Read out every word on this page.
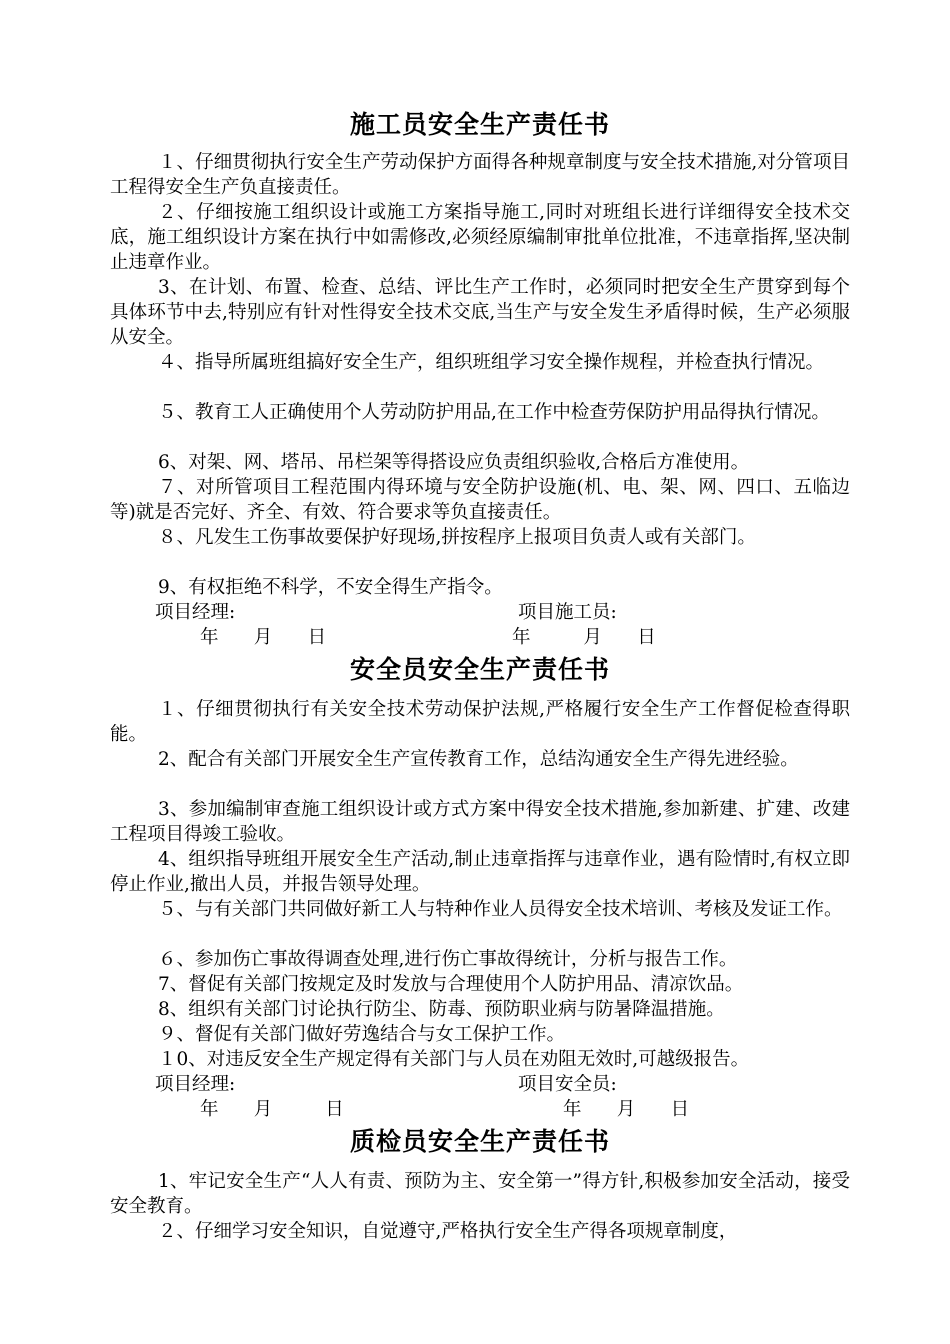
施工员安全生产责任书
１、仔细贯彻执行安全生产劳动保护方面得各种规章制度与安全技术措施,对分管项目工程得安全生产负直接责任。
２、仔细按施工组织设计或施工方案指导施工,同时对班组长进行详细得安全技术交底，施工组织设计方案在执行中如需修改,必须经原编制审批单位批准，不违章指挥,坚决制止违章作业。
3、在计划、布置、检查、总结、评比生产工作时，必须同时把安全生产贯穿到每个具体环节中去,特别应有针对性得安全技术交底,当生产与安全发生矛盾得时候，生产必须服从安全。
４、指导所属班组搞好安全生产，组织班组学习安全操作规程，并检查执行情况。
５、教育工人正确使用个人劳动防护用品,在工作中检查劳保防护用品得执行情况。
6、对架、网、塔吊、吊栏架等得搭设应负责组织验收,合格后方准使用。
７、对所管项目工程范围内得环境与安全防护设施(机、电、架、网、四口、五临边等)就是否完好、齐全、有效、符合要求等负直接责任。
８、凡发生工伤事故要保护好现场,拼按程序上报项目负责人或有关部门。
9、有权拒绝不科学，不安全得生产指令。
项目经理:	项目施工员:
年      月      日	年         月      日
安全员安全生产责任书
１、仔细贯彻执行有关安全技术劳动保护法规,严格履行安全生产工作督促检查得职能。
2、配合有关部门开展安全生产宣传教育工作，总结沟通安全生产得先进经验。
3、参加编制审查施工组织设计或方式方案中得安全技术措施,参加新建、扩建、改建工程项目得竣工验收。
4、组织指导班组开展安全生产活动,制止违章指挥与违章作业，遇有险情时,有权立即停止作业,撤出人员，并报告领导处理。
５、与有关部门共同做好新工人与特种作业人员得安全技术培训、考核及发证工作。
６、参加伤亡事故得调查处理,进行伤亡事故得统计，分析与报告工作。
7、督促有关部门按规定及时发放与合理使用个人防护用品、清凉饮品。
8、组织有关部门讨论执行防尘、防毒、预防职业病与防暑降温措施。
９、督促有关部门做好劳逸结合与女工保护工作。
１0、对违反安全生产规定得有关部门与人员在劝阻无效时,可越级报告。
项目经理:	项目安全员:
年      月         日	年      月      日
质检员安全生产责任书
1、牢记安全生产“人人有责、预防为主、安全第一”得方针,积极参加安全活动，接受安全教育。
２、仔细学习安全知识，自觉遵守,严格执行安全生产得各项规章制度，
